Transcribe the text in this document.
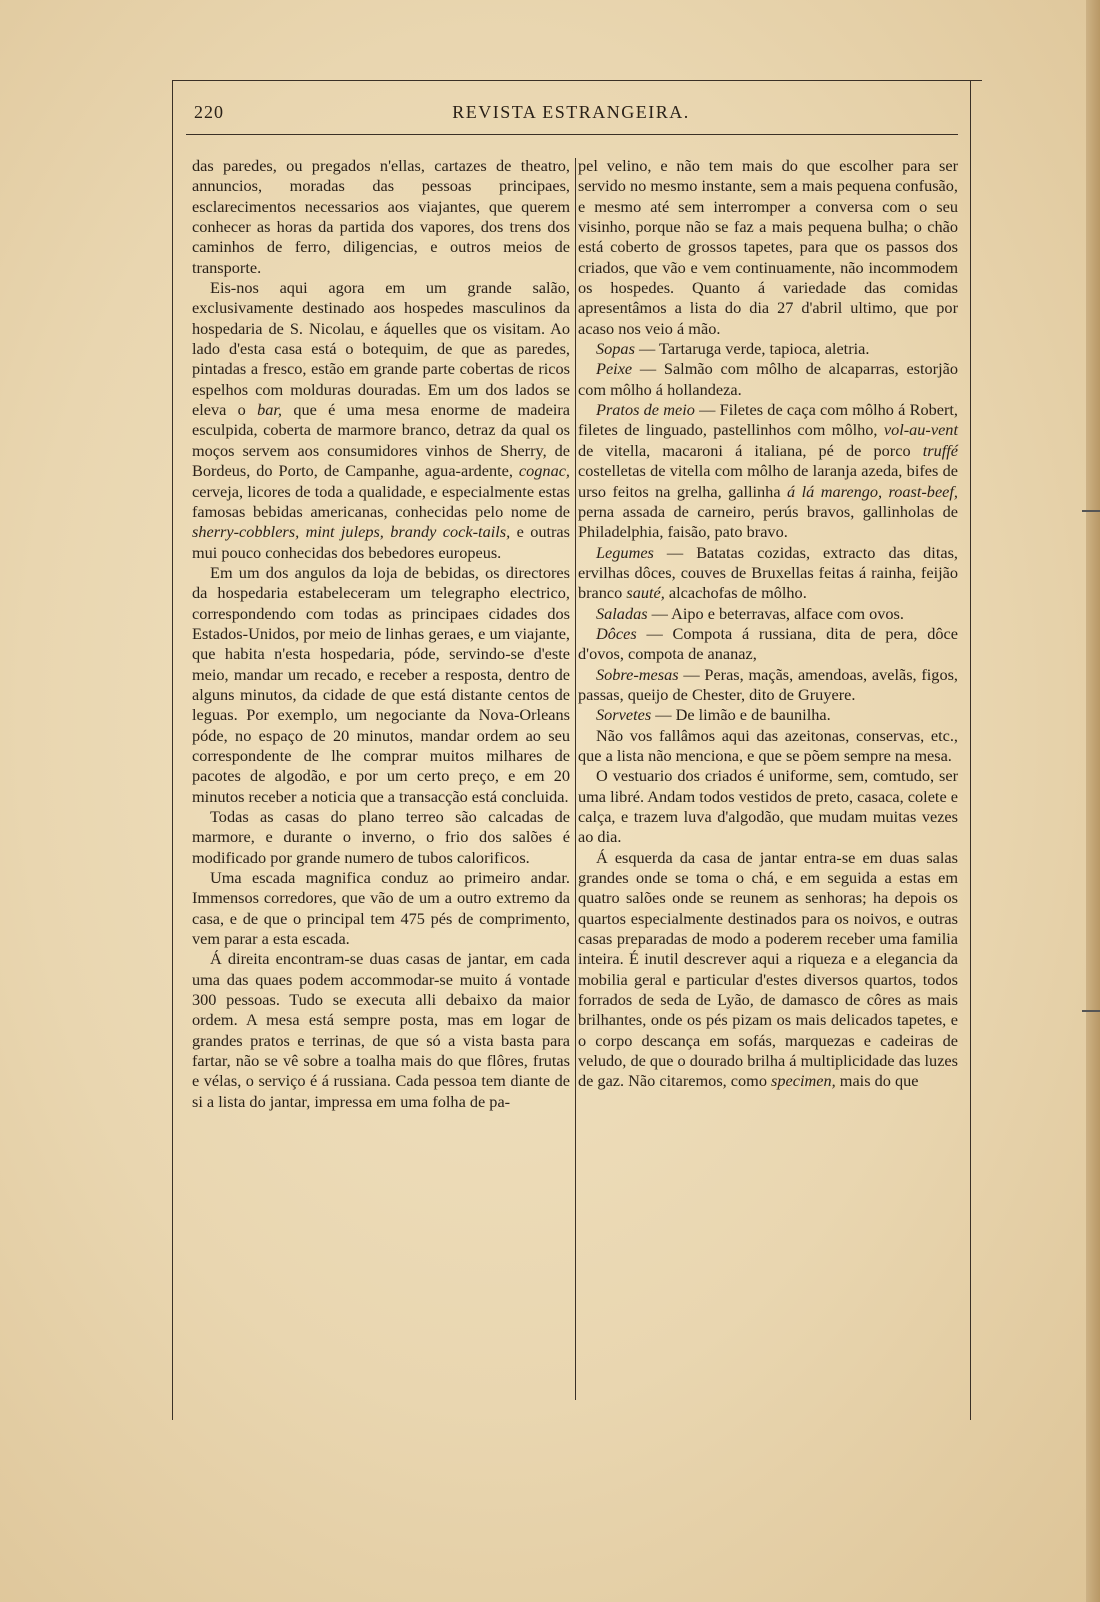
220	REVISTA ESTRANGEIRA.

das paredes, ou pregados n'ellas, cartazes de theatro, annuncios, moradas das pessoas principaes, esclarecimentos necessarios aos viajantes, que querem conhecer as horas da partida dos vapores, dos trens dos caminhos de ferro, diligencias, e outros meios de transporte.

Eis-nos aqui agora em um grande salão, exclusivamente destinado aos hospedes masculinos da hospedaria de S. Nicolau, e áquelles que os visitam. Ao lado d'esta casa está o botequim, de que as paredes, pintadas a fresco, estão em grande parte cobertas de ricos espelhos com molduras douradas. Em um dos lados se eleva o bar, que é uma mesa enorme de madeira esculpida, coberta de marmore branco, detraz da qual os moços servem aos consumidores vinhos de Sherry, de Bordeus, do Porto, de Campanhe, agua-ardente, cognac, cerveja, licores de toda a qualidade, e especialmente estas famosas bebidas americanas, conhecidas pelo nome de sherry-cobblers, mint juleps, brandy cock-tails, e outras mui pouco conhecidas dos bebedores europeus.

Em um dos angulos da loja de bebidas, os directores da hospedaria estabeleceram um telegrapho electrico, correspondendo com todas as principaes cidades dos Estados-Unidos, por meio de linhas geraes, e um viajante, que habita n'esta hospedaria, póde, servindo-se d'este meio, mandar um recado, e receber a resposta, dentro de alguns minutos, da cidade de que está distante centos de leguas. Por exemplo, um negociante da Nova-Orleans póde, no espaço de 20 minutos, mandar ordem ao seu correspondente de lhe comprar muitos milhares de pacotes de algodão, e por um certo preço, e em 20 minutos receber a noticia que a transacção está concluida.

Todas as casas do plano terreo são calcadas de marmore, e durante o inverno, o frio dos salões é modificado por grande numero de tubos calorificos.

Uma escada magnifica conduz ao primeiro andar. Immensos corredores, que vão de um a outro extremo da casa, e de que o principal tem 475 pés de comprimento, vem parar a esta escada.

Á direita encontram-se duas casas de jantar, em cada uma das quaes podem accommodar-se muito á vontade 300 pessoas. Tudo se executa alli debaixo da maior ordem. A mesa está sempre posta, mas em logar de grandes pratos e terrinas, de que só a vista basta para fartar, não se vê sobre a toalha mais do que flôres, frutas e vélas, o serviço é á russiana. Cada pessoa tem diante de si a lista do jantar, impressa em uma folha de pa-

pel velino, e não tem mais do que escolher para ser servido no mesmo instante, sem a mais pequena confusão, e mesmo até sem interromper a conversa com o seu visinho, porque não se faz a mais pequena bulha; o chão está coberto de grossos tapetes, para que os passos dos criados, que vão e vem continuamente, não incommodem os hospedes. Quanto á variedade das comidas apresentâmos a lista do dia 27 d'abril ultimo, que por acaso nos veio á mão.

Sopas — Tartaruga verde, tapioca, aletria.

Peixe — Salmão com môlho de alcaparras, estorjão com môlho á hollandeza.

Pratos de meio — Filetes de caça com môlho á Robert, filetes de linguado, pastellinhos com môlho, vol-au-vent de vitella, macaroni á italiana, pé de porco truffé costelletas de vitella com môlho de laranja azeda, bifes de urso feitos na grelha, gallinha á lá marengo, roast-beef, perna assada de carneiro, perús bravos, gallinholas de Philadelphia, faisão, pato bravo.

Legumes — Batatas cozidas, extracto das ditas, ervilhas dôces, couves de Bruxellas feitas á rainha, feijão branco sauté, alcachofas de môlho.

Saladas — Aipo e beterravas, alface com ovos.

Dôces — Compota á russiana, dita de pera, dôce d'ovos, compota de ananaz,

Sobre-mesas — Peras, maçãs, amendoas, avelãs, figos, passas, queijo de Chester, dito de Gruyere.

Sorvetes — De limão e de baunilha.

Não vos fallâmos aqui das azeitonas, conservas, etc., que a lista não menciona, e que se põem sempre na mesa.

O vestuario dos criados é uniforme, sem, comtudo, ser uma libré. Andam todos vestidos de preto, casaca, colete e calça, e trazem luva d'algodão, que mudam muitas vezes ao dia.

Á esquerda da casa de jantar entra-se em duas salas grandes onde se toma o chá, e em seguida a estas em quatro salões onde se reunem as senhoras; ha depois os quartos especialmente destinados para os noivos, e outras casas preparadas de modo a poderem receber uma familia inteira. É inutil descrever aqui a riqueza e a elegancia da mobilia geral e particular d'estes diversos quartos, todos forrados de seda de Lyão, de damasco de côres as mais brilhantes, onde os pés pizam os mais delicados tapetes, e o corpo descança em sofás, marquezas e cadeiras de veludo, de que o dourado brilha á multiplicidade das luzes de gaz. Não citaremos, como specimen, mais do que
